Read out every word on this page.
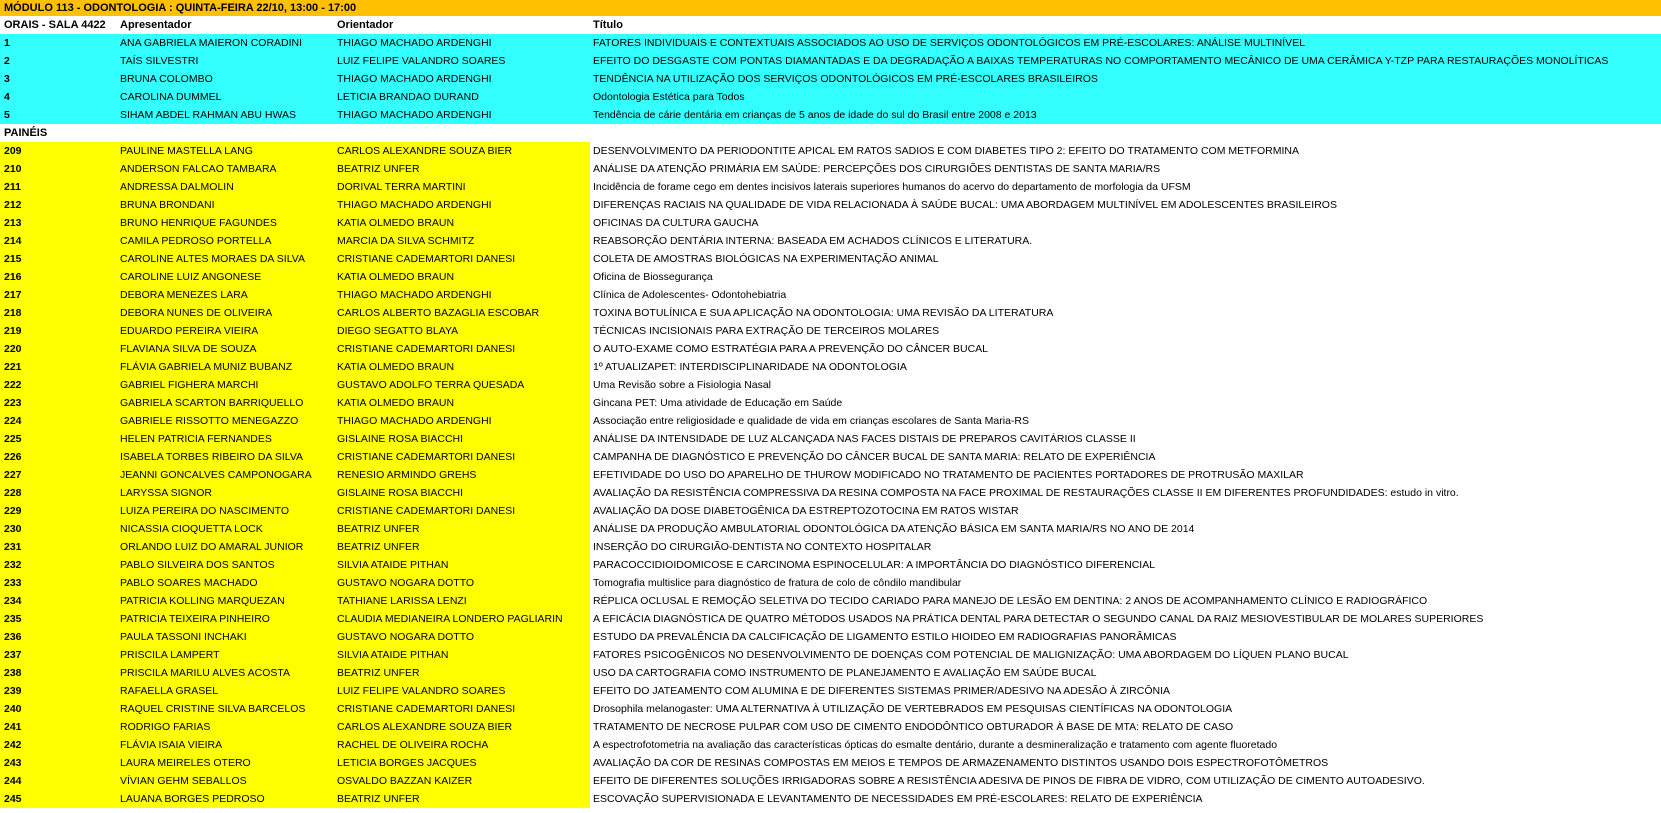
MÓDULO 113 - ODONTOLOGIA : QUINTA-FEIRA 22/10, 13:00 - 17:00
ORAIS - SALA 4422	Apresentador	Orientador	Título
1	ANA GABRIELA MAIERON CORADINI	THIAGO MACHADO ARDENGHI	FATORES INDIVIDUAIS E CONTEXTUAIS ASSOCIADOS AO USO DE SERVIÇOS ODONTOLÓGICOS EM PRÉ-ESCOLARES: ANÁLISE MULTINÍVEL
2	TAÍS SILVESTRI	LUIZ FELIPE VALANDRO SOARES	EFEITO DO DESGASTE COM PONTAS DIAMANTADAS E DA DEGRADAÇÃO A BAIXAS TEMPERATURAS NO COMPORTAMENTO MECÂNICO DE UMA CERÂMICA Y-TZP PARA RESTAURAÇÕES MONOLÍTICAS
3	BRUNA COLOMBO	THIAGO MACHADO ARDENGHI	TENDÊNCIA NA UTILIZAÇÃO DOS SERVIÇOS ODONTOLÓGICOS EM PRÉ-ESCOLARES BRASILEIROS
4	CAROLINA DUMMEL	LETICIA BRANDAO DURAND	Odontologia Estética para Todos
5	SIHAM ABDEL RAHMAN ABU HWAS	THIAGO MACHADO ARDENGHI	Tendência de cárie dentária em crianças de 5 anos de idade do sul do Brasil entre 2008 e 2013
PAINÉIS
209	PAULINE MASTELLA LANG	CARLOS ALEXANDRE SOUZA BIER	DESENVOLVIMENTO DA PERIODONTITE APICAL EM RATOS SADIOS E COM DIABETES TIPO 2: EFEITO DO TRATAMENTO COM METFORMINA
210	ANDERSON FALCAO TAMBARA	BEATRIZ UNFER	ANÁLISE DA ATENÇÃO PRIMÁRIA EM SAÚDE: PERCEPÇÕES DOS CIRURGIÕES DENTISTAS DE SANTA MARIA/RS
211	ANDRESSA DALMOLIN	DORIVAL TERRA MARTINI	Incidência de forame cego em dentes incisivos laterais superiores humanos do acervo do departamento de morfologia da UFSM
212	BRUNA BRONDANI	THIAGO MACHADO ARDENGHI	DIFERENÇAS RACIAIS NA QUALIDADE DE VIDA RELACIONADA À SAÚDE BUCAL: UMA ABORDAGEM MULTINÍVEL EM ADOLESCENTES BRASILEIROS
213	BRUNO HENRIQUE FAGUNDES	KATIA OLMEDO BRAUN	OFICINAS DA CULTURA GAUCHA
214	CAMILA PEDROSO PORTELLA	MARCIA DA SILVA SCHMITZ	REABSORÇÃO DENTÁRIA INTERNA: BASEADA EM ACHADOS CLÍNICOS E LITERATURA.
215	CAROLINE ALTES MORAES DA SILVA	CRISTIANE CADEMARTORI DANESI	COLETA DE AMOSTRAS BIOLÓGICAS NA EXPERIMENTAÇÃO ANIMAL
216	CAROLINE LUIZ ANGONESE	KATIA OLMEDO BRAUN	Oficina de Biossegurança
217	DEBORA MENEZES LARA	THIAGO MACHADO ARDENGHI	Clínica de Adolescentes- Odontohebiatria
218	DEBORA NUNES DE OLIVEIRA	CARLOS ALBERTO BAZAGLIA ESCOBAR	TOXINA BOTULÍNICA E SUA APLICAÇÃO NA ODONTOLOGIA: UMA REVISÃO DA LITERATURA
219	EDUARDO PEREIRA VIEIRA	DIEGO SEGATTO BLAYA	TÉCNICAS INCISIONAIS PARA EXTRAÇÃO DE TERCEIROS MOLARES
220	FLAVIANA SILVA DE SOUZA	CRISTIANE CADEMARTORI DANESI	O AUTO-EXAME COMO ESTRATÉGIA PARA A PREVENÇÃO DO CÂNCER BUCAL
221	FLÁVIA GABRIELA MUNIZ BUBANZ	KATIA OLMEDO BRAUN	1º ATUALIZAPET: INTERDISCIPLINARIDADE NA ODONTOLOGIA
222	GABRIEL FIGHERA MARCHI	GUSTAVO ADOLFO TERRA QUESADA	Uma Revisão sobre a Fisiologia Nasal
223	GABRIELA SCARTON BARRIQUELLO	KATIA OLMEDO BRAUN	Gincana PET: Uma atividade de Educação em Saúde
224	GABRIELE RISSOTTO MENEGAZZO	THIAGO MACHADO ARDENGHI	Associação entre religiosidade e qualidade de vida em crianças escolares de Santa Maria-RS
225	HELEN PATRICIA FERNANDES	GISLAINE ROSA BIACCHI	ANÁLISE DA INTENSIDADE DE LUZ ALCANÇADA NAS FACES DISTAIS DE PREPAROS CAVITÁRIOS CLASSE II
226	ISABELA TORBES RIBEIRO DA SILVA	CRISTIANE CADEMARTORI DANESI	CAMPANHA DE DIAGNÓSTICO E PREVENÇÃO DO CÂNCER BUCAL DE SANTA MARIA: RELATO DE EXPERIÊNCIA
227	JEANNI GONCALVES CAMPONOGARA	RENESIO ARMINDO GREHS	EFETIVIDADE DO USO DO APARELHO DE THUROW MODIFICADO NO TRATAMENTO DE PACIENTES PORTADORES DE PROTRUSÃO MAXILAR
228	LARYSSA SIGNOR	GISLAINE ROSA BIACCHI	AVALIAÇÃO DA RESISTÊNCIA COMPRESSIVA DA RESINA COMPOSTA NA FACE PROXIMAL DE RESTAURAÇÕES CLASSE II EM DIFERENTES PROFUNDIDADES: estudo in vitro.
229	LUIZA PEREIRA DO NASCIMENTO	CRISTIANE CADEMARTORI DANESI	AVALIAÇÃO DA DOSE DIABETOGÊNICA DA ESTREPTOZOTOCINA EM RATOS WISTAR
230	NICASSIA CIOQUETTA LOCK	BEATRIZ UNFER	ANÁLISE DA PRODUÇÃO AMBULATORIAL ODONTOLÓGICA DA ATENÇÃO BÁSICA EM SANTA MARIA/RS NO ANO DE 2014
231	ORLANDO LUIZ DO AMARAL JUNIOR	BEATRIZ UNFER	INSERÇÃO DO CIRURGIÃO-DENTISTA NO CONTEXTO HOSPITALAR
232	PABLO SILVEIRA DOS SANTOS	SILVIA ATAIDE PITHAN	PARACOCCIDIOIDOMICOSE E CARCINOMA ESPINOCELULAR: A IMPORTÂNCIA DO DIAGNÓSTICO DIFERENCIAL
233	PABLO SOARES MACHADO	GUSTAVO NOGARA DOTTO	Tomografia multislice para diagnóstico de fratura de colo de côndilo mandibular
234	PATRICIA KOLLING MARQUEZAN	TATHIANE LARISSA LENZI	RÉPLICA OCLUSAL E REMOÇÃO SELETIVA DO TECIDO CARIADO PARA MANEJO DE LESÃO EM DENTINA: 2 ANOS DE ACOMPANHAMENTO CLÍNICO E RADIOGRÁFICO
235	PATRICIA TEIXEIRA PINHEIRO	CLAUDIA MEDIANEIRA LONDERO PAGLIARIN	A EFICÁCIA DIAGNÓSTICA DE QUATRO MÉTODOS USADOS NA PRÁTICA DENTAL PARA DETECTAR O SEGUNDO CANAL DA RAIZ MESIOVESTIBULAR DE MOLARES SUPERIORES
236	PAULA TASSONI INCHAKI	GUSTAVO NOGARA DOTTO	ESTUDO DA PREVALÊNCIA DA CALCIFICAÇÃO DE LIGAMENTO ESTILO HIOIDEO EM RADIOGRAFIAS PANORÂMICAS
237	PRISCILA LAMPERT	SILVIA ATAIDE PITHAN	FATORES PSICOGÊNICOS NO DESENVOLVIMENTO DE DOENÇAS COM POTENCIAL DE MALIGNIZAÇÃO: UMA ABORDAGEM DO LÍQUEN PLANO BUCAL
238	PRISCILA MARILU ALVES ACOSTA	BEATRIZ UNFER	USO DA CARTOGRAFIA COMO INSTRUMENTO DE PLANEJAMENTO E AVALIAÇÃO EM SAÚDE BUCAL
239	RAFAELLA GRASEL	LUIZ FELIPE VALANDRO SOARES	EFEITO DO JATEAMENTO COM ALUMINA E DE DIFERENTES SISTEMAS PRIMER/ADESIVO NA ADESÃO À ZIRCÔNIA
240	RAQUEL CRISTINE SILVA BARCELOS	CRISTIANE CADEMARTORI DANESI	Drosophila melanogaster: UMA ALTERNATIVA À UTILIZAÇÃO DE VERTEBRADOS EM PESQUISAS CIENTÍFICAS NA ODONTOLOGIA
241	RODRIGO FARIAS	CARLOS ALEXANDRE SOUZA BIER	TRATAMENTO DE NECROSE PULPAR COM USO DE CIMENTO ENDODÔNTICO OBTURADOR À BASE DE MTA: RELATO DE CASO
242	FLÁVIA ISAIA VIEIRA	RACHEL DE OLIVEIRA ROCHA	A espectrofotometria na avaliação das características ópticas do esmalte dentário, durante a desmineralização e tratamento com agente fluoretado
243	LAURA MEIRELES OTERO	LETICIA BORGES JACQUES	AVALIAÇÃO DA COR DE RESINAS COMPOSTAS EM MEIOS E TEMPOS DE ARMAZENAMENTO DISTINTOS USANDO DOIS ESPECTROFOTÔMETROS
244	VÍVIAN GEHM SEBALLOS	OSVALDO BAZZAN KAIZER	EFEITO DE DIFERENTES SOLUÇÕES IRRIGADORAS SOBRE A RESISTÊNCIA ADESIVA DE PINOS DE FIBRA DE VIDRO, COM UTILIZAÇÃO DE CIMENTO AUTOADESIVO.
245	LAUANA BORGES PEDROSO	BEATRIZ UNFER	ESCOVAÇÃO SUPERVISIONADA E LEVANTAMENTO DE NECESSIDADES EM PRÉ-ESCOLARES: RELATO DE EXPERIÊNCIA
